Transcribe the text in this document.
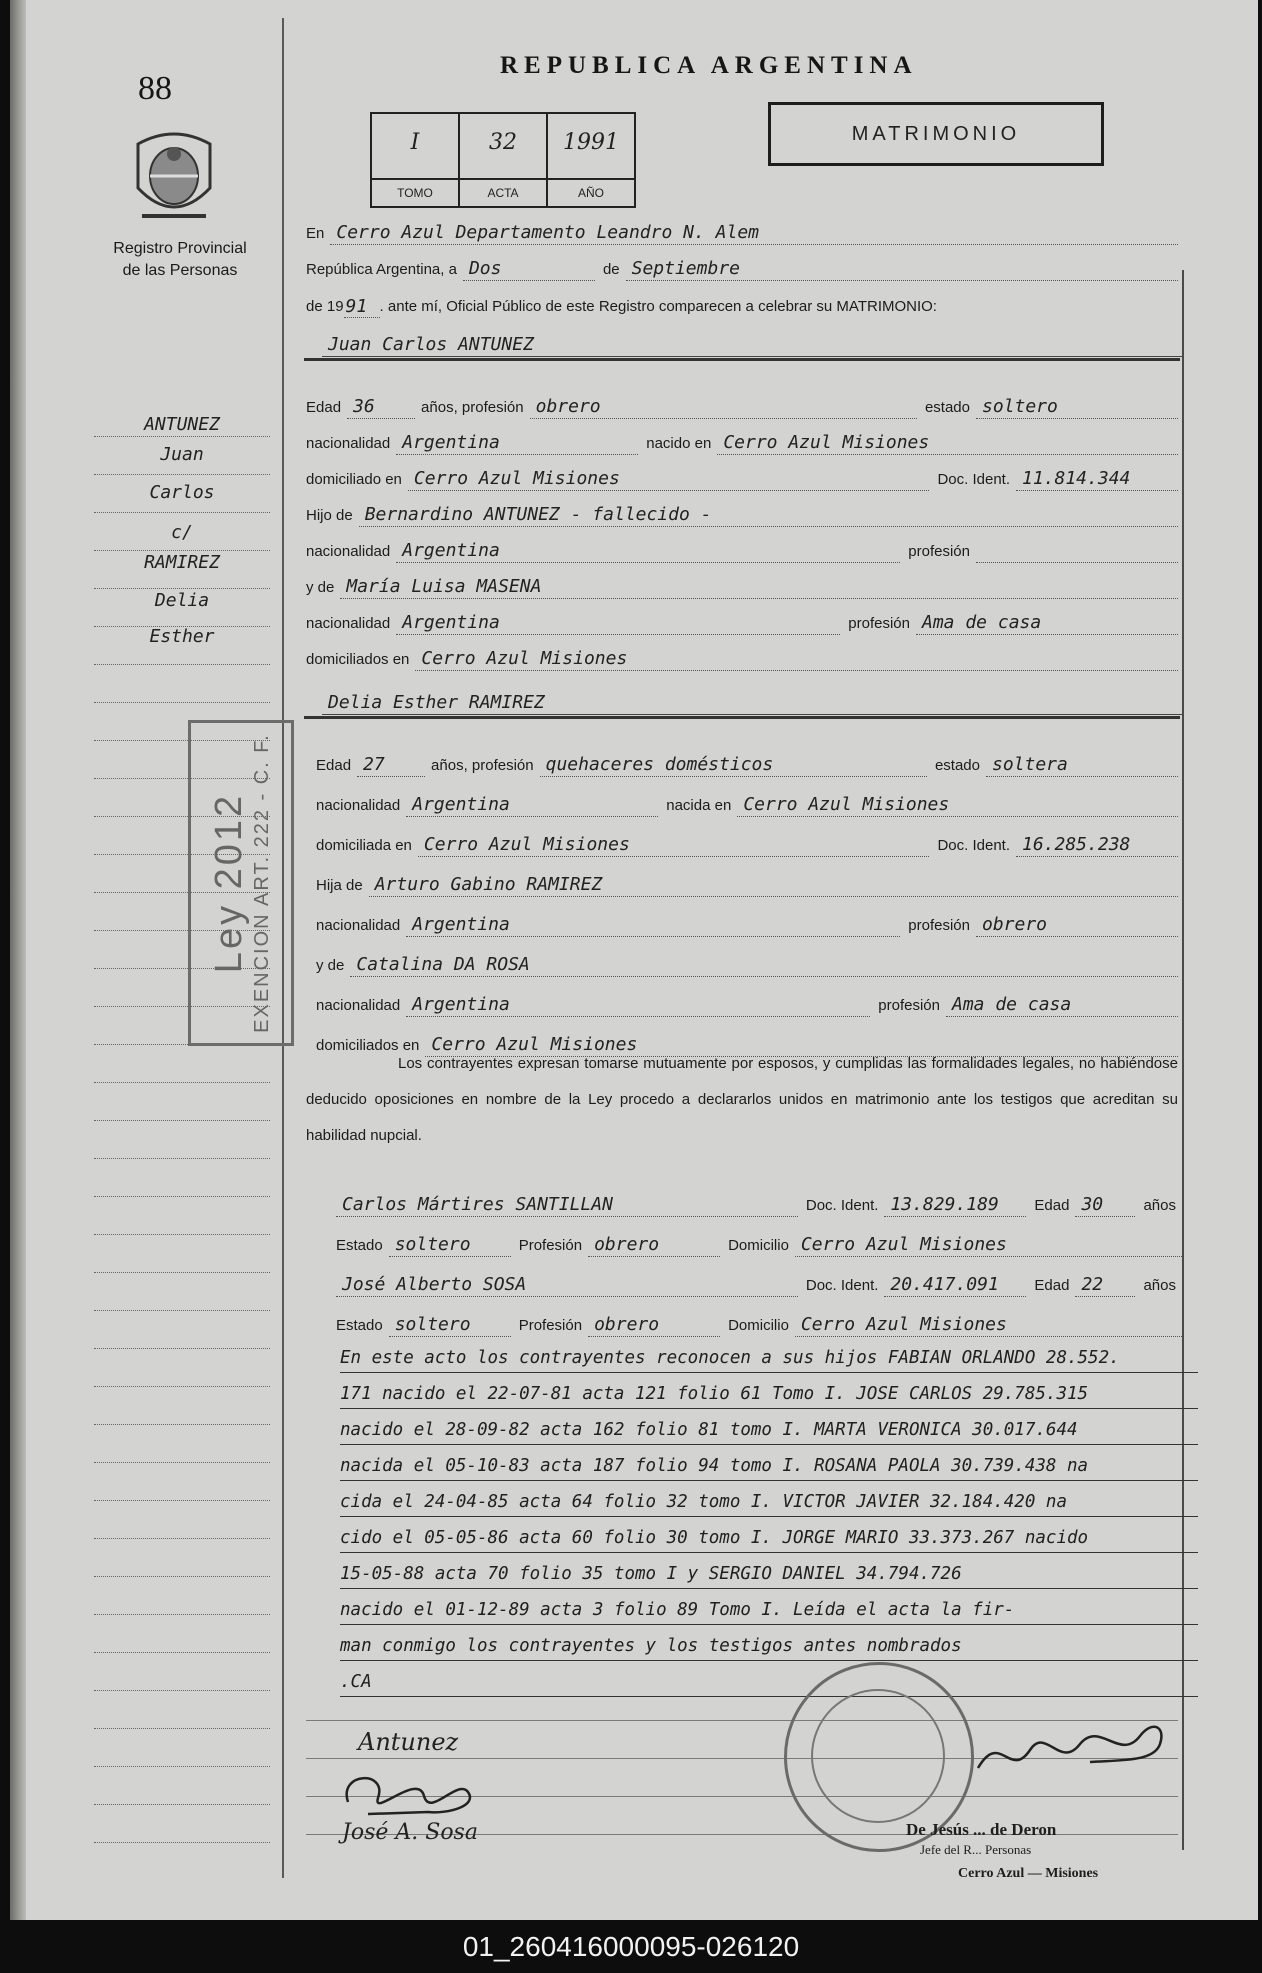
88
Registro Provincial
de las Personas
REPUBLICA ARGENTINA
I
TOMO
32
ACTA
1991
AÑO
MATRIMONIO
En Cerro Azul Departamento Leandro N. Alem
República Argentina, a Dos	de Septiembre
de 19 91 . ante mí, Oficial Público de este Registro comparecen a celebrar su MATRIMONIO:
Juan Carlos ANTUNEZ
Edad 36	años, profesión obrero	estado soltero
nacionalidad Argentina	nacido en Cerro Azul Misiones
domiciliado en Cerro Azul Misiones	Doc. Ident. 11.814.344
Hijo de Bernardino ANTUNEZ - fallecido -
nacionalidad Argentina	profesión
y de María Luisa MASENA
nacionalidad Argentina	profesión Ama de casa
domiciliados en Cerro Azul Misiones
Delia Esther RAMIREZ
Edad 27	años, profesión quehaceres domésticos	estado soltera
nacionalidad Argentina	nacida en Cerro Azul Misiones
domiciliada en Cerro Azul Misiones	Doc. Ident. 16.285.238
Hija de Arturo Gabino RAMIREZ
nacionalidad Argentina	profesión obrero
y de Catalina DA ROSA
nacionalidad Argentina	profesión Ama de casa
domiciliados en Cerro Azul Misiones
Los contrayentes expresan tomarse mutuamente por esposos, y cumplidas las formalidades legales, no habiéndose deducido oposiciones en nombre de la Ley procedo a declararlos unidos en matrimonio ante los testigos que acreditan su habilidad nupcial.
Carlos Mártires SANTILLAN	Doc. Ident. 13.829.189	Edad 30	años
Estado soltero	Profesión obrero	Domicilio Cerro Azul Misiones
José Alberto SOSA	Doc. Ident. 20.417.091	Edad 22	años
Estado soltero	Profesión obrero	Domicilio Cerro Azul Misiones
En este acto los contrayentes reconocen a sus hijos FABIAN ORLANDO 28.552.
171 nacido el 22-07-81 acta 121 folio 61 Tomo I. JOSE CARLOS 29.785.315
nacido el 28-09-82 acta 162 folio 81 tomo I. MARTA VERONICA 30.017.644
nacida el 05-10-83 acta 187 folio 94 tomo I. ROSANA PAOLA 30.739.438 na
cida el 24-04-85 acta 64 folio 32 tomo I. VICTOR JAVIER 32.184.420 na
cido el 05-05-86 acta 60 folio 30 tomo I. JORGE MARIO 33.373.267 nacido
15-05-88 acta 70 folio 35 tomo I y SERGIO DANIEL 34.794.726
nacido el 01-12-89 acta 3 folio 89 Tomo I. Leída el acta la fir-
man conmigo los contrayentes y los testigos antes nombrados
.CA
ANTUNEZ
Juan
Carlos
c/
RAMIREZ
Delia
Esther
Ley 2012 EXENCION ART. 222 - C. F.
Antunez
José A. Sosa	De Jesús ... de Deron
Jefe del R... Personas
Cerro Azul — Misiones
01_260416000095-026120
